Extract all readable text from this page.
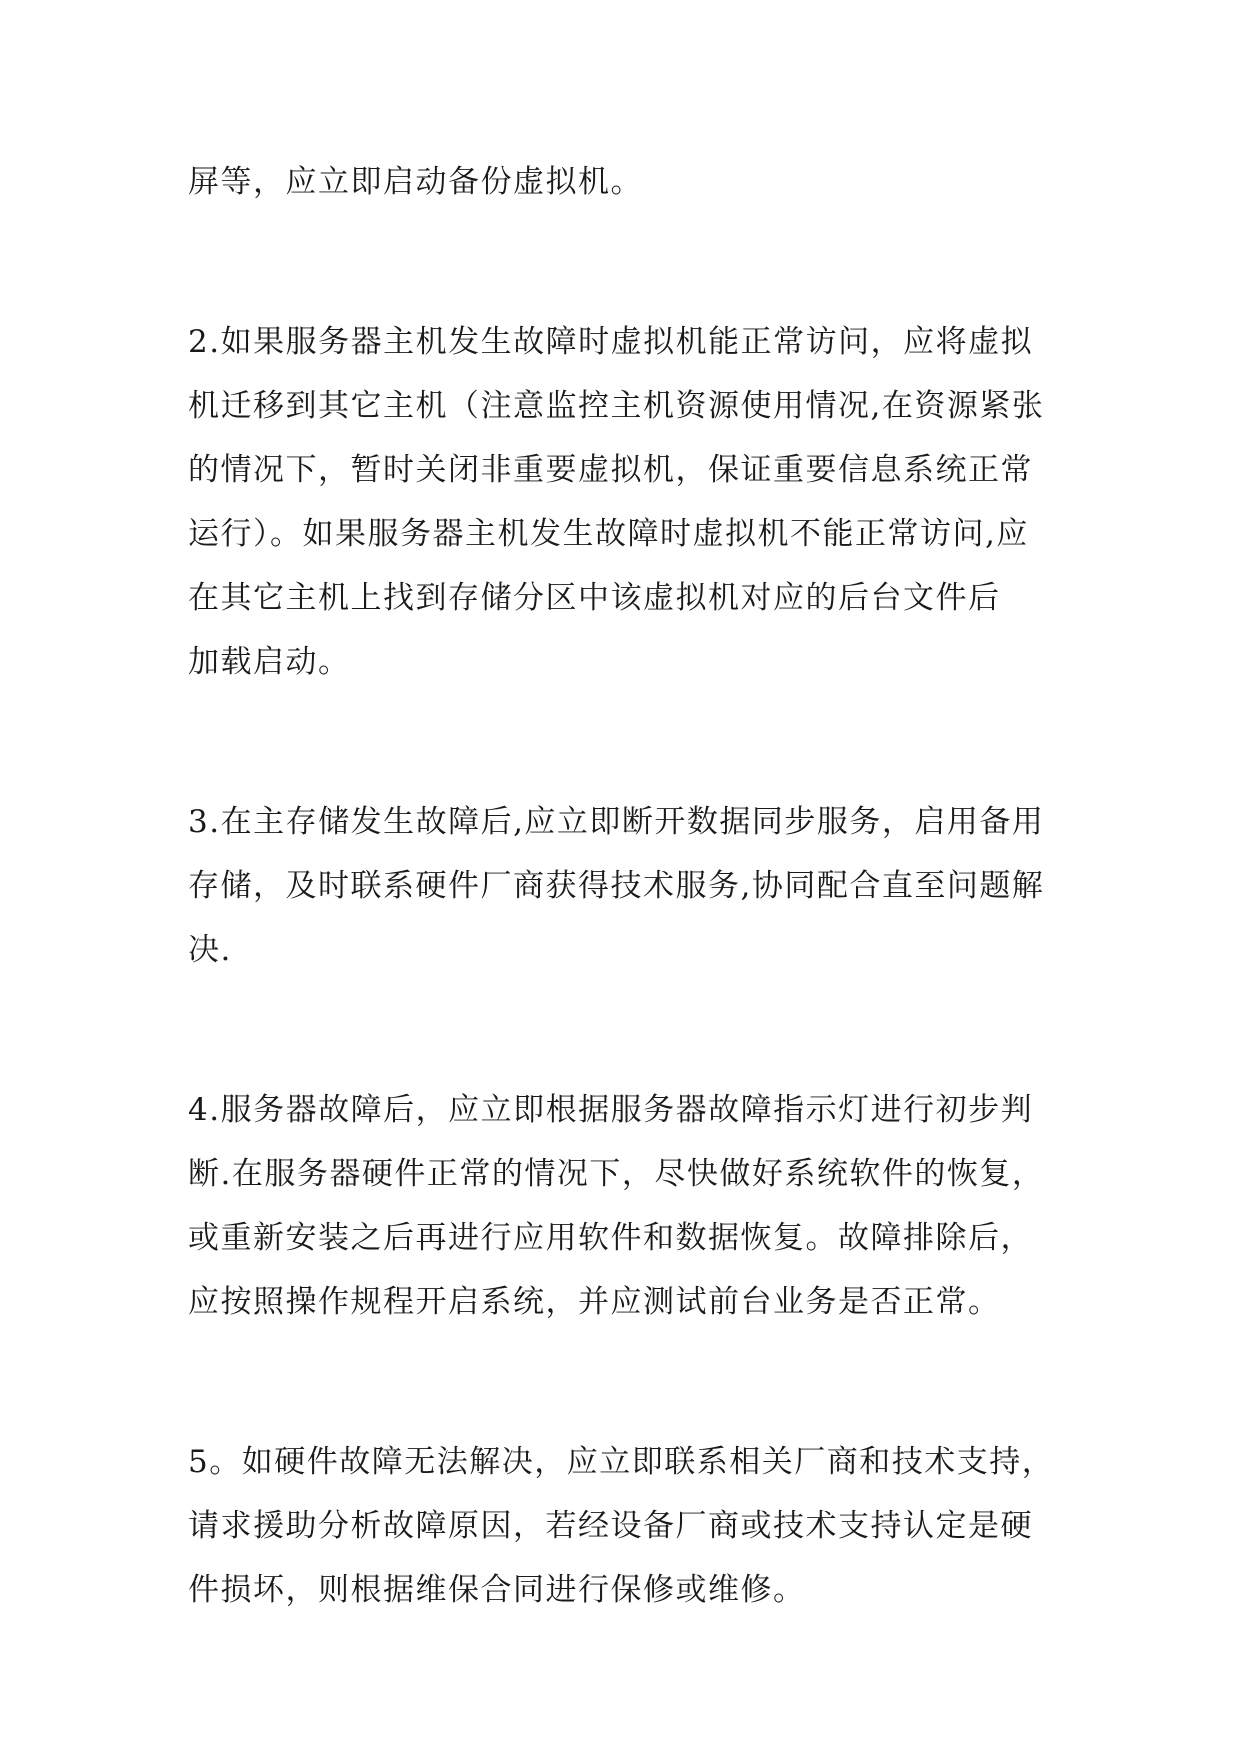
屏等，应立即启动备份虚拟机。

2.如果服务器主机发生故障时虚拟机能正常访问，应将虚拟
机迁移到其它主机（注意监控主机资源使用情况,在资源紧张
的情况下，暂时关闭非重要虚拟机，保证重要信息系统正常
运行）。如果服务器主机发生故障时虚拟机不能正常访问,应
在其它主机上找到存储分区中该虚拟机对应的后台文件后
加载启动。

3.在主存储发生故障后,应立即断开数据同步服务，启用备用
存储，及时联系硬件厂商获得技术服务,协同配合直至问题解
决.

4.服务器故障后，应立即根据服务器故障指示灯进行初步判
断.在服务器硬件正常的情况下，尽快做好系统软件的恢复，
或重新安装之后再进行应用软件和数据恢复。故障排除后，
应按照操作规程开启系统，并应测试前台业务是否正常。

5。如硬件故障无法解决，应立即联系相关厂商和技术支持，
请求援助分析故障原因，若经设备厂商或技术支持认定是硬
件损坏，则根据维保合同进行保修或维修。
